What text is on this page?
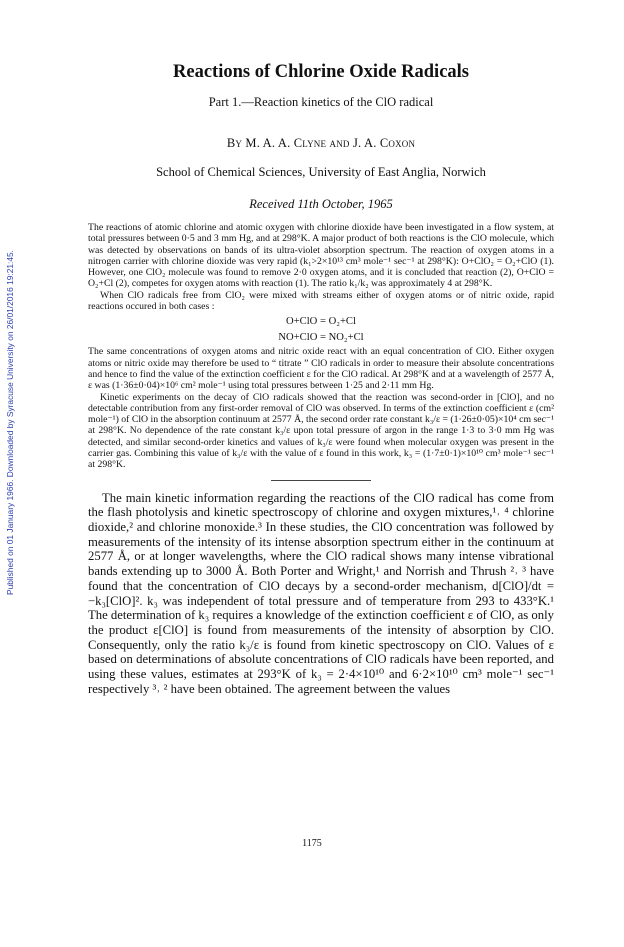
Published on 01 January 1966. Downloaded by Syracuse University on 26/01/2016 19:21:45.
Reactions of Chlorine Oxide Radicals
Part 1.—Reaction kinetics of the ClO radical
By M. A. A. Clyne and J. A. Coxon
School of Chemical Sciences, University of East Anglia, Norwich
Received 11th October, 1965

The reactions of atomic chlorine and atomic oxygen with chlorine dioxide have been investigated in a flow system, at total pressures between 0·5 and 3 mm Hg, and at 298°K. A major product of both reactions is the ClO molecule, which was detected by observations on bands of its ultra-violet absorption spectrum. The reaction of oxygen atoms in a nitrogen carrier with chlorine dioxide was very rapid (k₁>2×10¹³ cm³ mole⁻¹ sec⁻¹ at 298°K): O+ClO₂ = O₂+ClO (1). However, one ClO₂ molecule was found to remove 2·0 oxygen atoms, and it is concluded that reaction (2), O+ClO = O₂+Cl (2), competes for oxygen atoms with reaction (1). The ratio k₁/k₂ was approximately 4 at 298°K.

When ClO radicals free from ClO₂ were mixed with streams either of oxygen atoms or of nitric oxide, rapid reactions occured in both cases :

O+ClO = O₂+Cl
NO+ClO = NO₂+Cl

The same concentrations of oxygen atoms and nitric oxide react with an equal concentration of ClO. Either oxygen atoms or nitric oxide may therefore be used to “ titrate ” ClO radicals in order to measure their absolute concentrations and hence to find the value of the extinction coefficient ε for the ClO radical. At 298°K and at a wavelength of 2577 Å, ε was (1·36±0·04)×10⁶ cm² mole⁻¹ using total pressures between 1·25 and 2·11 mm Hg.

Kinetic experiments on the decay of ClO radicals showed that the reaction was second-order in [ClO], and no detectable contribution from any first-order removal of ClO was observed. In terms of the extinction coefficient ε (cm² mole⁻¹) of ClO in the absorption continuum at 2577 Å, the second order rate constant k₃/ε = (1·26±0·05)×10⁴ cm sec⁻¹ at 298°K. No dependence of the rate constant k₃/ε upon total pressure of argon in the range 1·3 to 3·0 mm Hg was detected, and similar second-order kinetics and values of k₃/ε were found when molecular oxygen was present in the carrier gas. Combining this value of k₃/ε with the value of ε found in this work, k₃ = (1·7±0·1)×10¹⁰ cm³ mole⁻¹ sec⁻¹ at 298°K.

The main kinetic information regarding the reactions of the ClO radical has come from the flash photolysis and kinetic spectroscopy of chlorine and oxygen mixtures,¹˒ ⁴ chlorine dioxide,² and chlorine monoxide.³ In these studies, the ClO concentration was followed by measurements of the intensity of its intense absorption spectrum either in the continuum at 2577 Å, or at longer wavelengths, where the ClO radical shows many intense vibrational bands extending up to 3000 Å. Both Porter and Wright,¹ and Norrish and Thrush ²˒ ³ have found that the concentration of ClO decays by a second-order mechanism, d[ClO]/dt = −k₃[ClO]². k₃ was independent of total pressure and of temperature from 293 to 433°K.¹ The determination of k₃ requires a knowledge of the extinction coefficient ε of ClO, as only the product ε[ClO] is found from measurements of the intensity of absorption by ClO. Consequently, only the ratio k₃/ε is found from kinetic spectroscopy on ClO. Values of ε based on determinations of absolute concentrations of ClO radicals have been reported, and using these values, estimates at 293°K of k₃ = 2·4×10¹⁰ and 6·2×10¹⁰ cm³ mole⁻¹ sec⁻¹ respectively ³˒ ² have been obtained. The agreement between the values

1175
